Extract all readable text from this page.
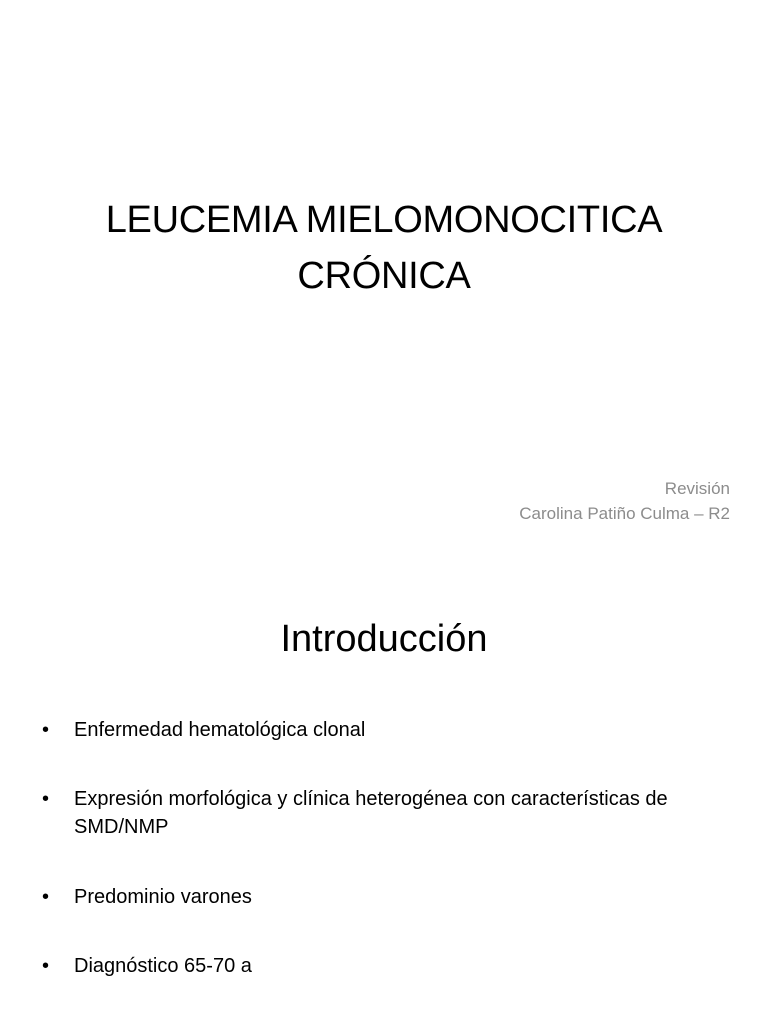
LEUCEMIA MIELOMONOCITICA
CRÓNICA
Revisión
Carolina Patiño Culma – R2
Introducción
• Enfermedad hematológica clonal
• Expresión morfológica y clínica heterogénea con características de SMD/NMP
• Predominio varones
• Diagnóstico 65-70 a
